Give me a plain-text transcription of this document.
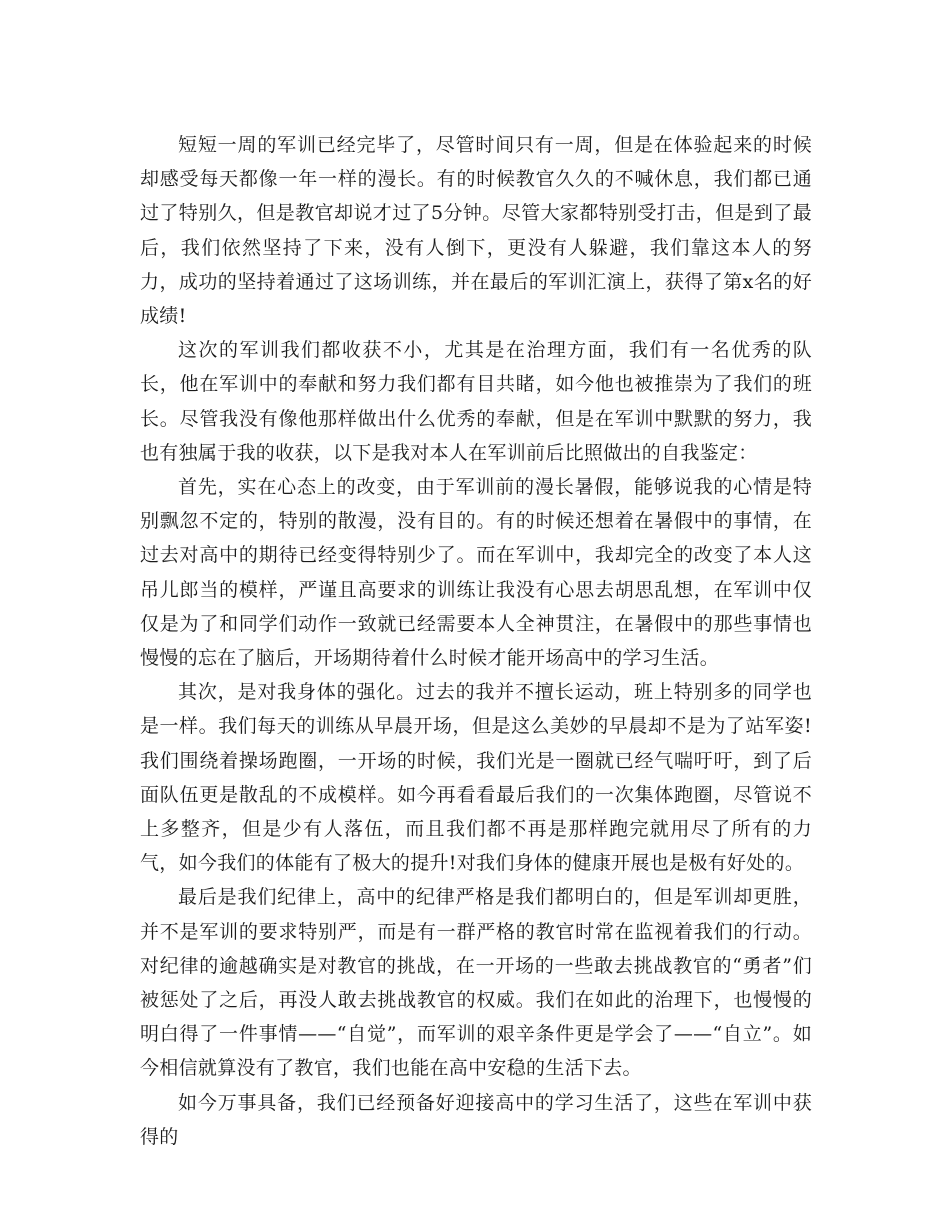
短短一周的军训已经完毕了，尽管时间只有一周，但是在体验起来的时候却感受每天都像一年一样的漫长。有的时候教官久久的不喊休息，我们都已通过了特别久，但是教官却说才过了5分钟。尽管大家都特别受打击，但是到了最后，我们依然坚持了下来，没有人倒下，更没有人躲避，我们靠这本人的努力，成功的坚持着通过了这场训练，并在最后的军训汇演上，获得了第x名的好成绩!

这次的军训我们都收获不小，尤其是在治理方面，我们有一名优秀的队长，他在军训中的奉献和努力我们都有目共睹，如今他也被推崇为了我们的班长。尽管我没有像他那样做出什么优秀的奉献，但是在军训中默默的努力，我也有独属于我的收获，以下是我对本人在军训前后比照做出的自我鉴定：

首先，实在心态上的改变，由于军训前的漫长暑假，能够说我的心情是特别飘忽不定的，特别的散漫，没有目的。有的时候还想着在暑假中的事情，在过去对高中的期待已经变得特别少了。而在军训中，我却完全的改变了本人这吊儿郎当的模样，严谨且高要求的训练让我没有心思去胡思乱想，在军训中仅仅是为了和同学们动作一致就已经需要本人全神贯注，在暑假中的那些事情也慢慢的忘在了脑后，开场期待着什么时候才能开场高中的学习生活。

其次，是对我身体的强化。过去的我并不擅长运动，班上特别多的同学也是一样。我们每天的训练从早晨开场，但是这么美妙的早晨却不是为了站军姿!我们围绕着操场跑圈，一开场的时候，我们光是一圈就已经气喘吁吁，到了后面队伍更是散乱的不成模样。如今再看看最后我们的一次集体跑圈，尽管说不上多整齐，但是少有人落伍，而且我们都不再是那样跑完就用尽了所有的力气，如今我们的体能有了极大的提升!对我们身体的健康开展也是极有好处的。

最后是我们纪律上，高中的纪律严格是我们都明白的，但是军训却更胜，并不是军训的要求特别严，而是有一群严格的教官时常在监视着我们的行动。对纪律的逾越确实是对教官的挑战，在一开场的一些敢去挑战教官的“勇者”们被惩处了之后，再没人敢去挑战教官的权威。我们在如此的治理下，也慢慢的明白得了一件事情——“自觉”，而军训的艰辛条件更是学会了——“自立”。如今相信就算没有了教官，我们也能在高中安稳的生活下去。

如今万事具备，我们已经预备好迎接高中的学习生活了，这些在军训中获得的
